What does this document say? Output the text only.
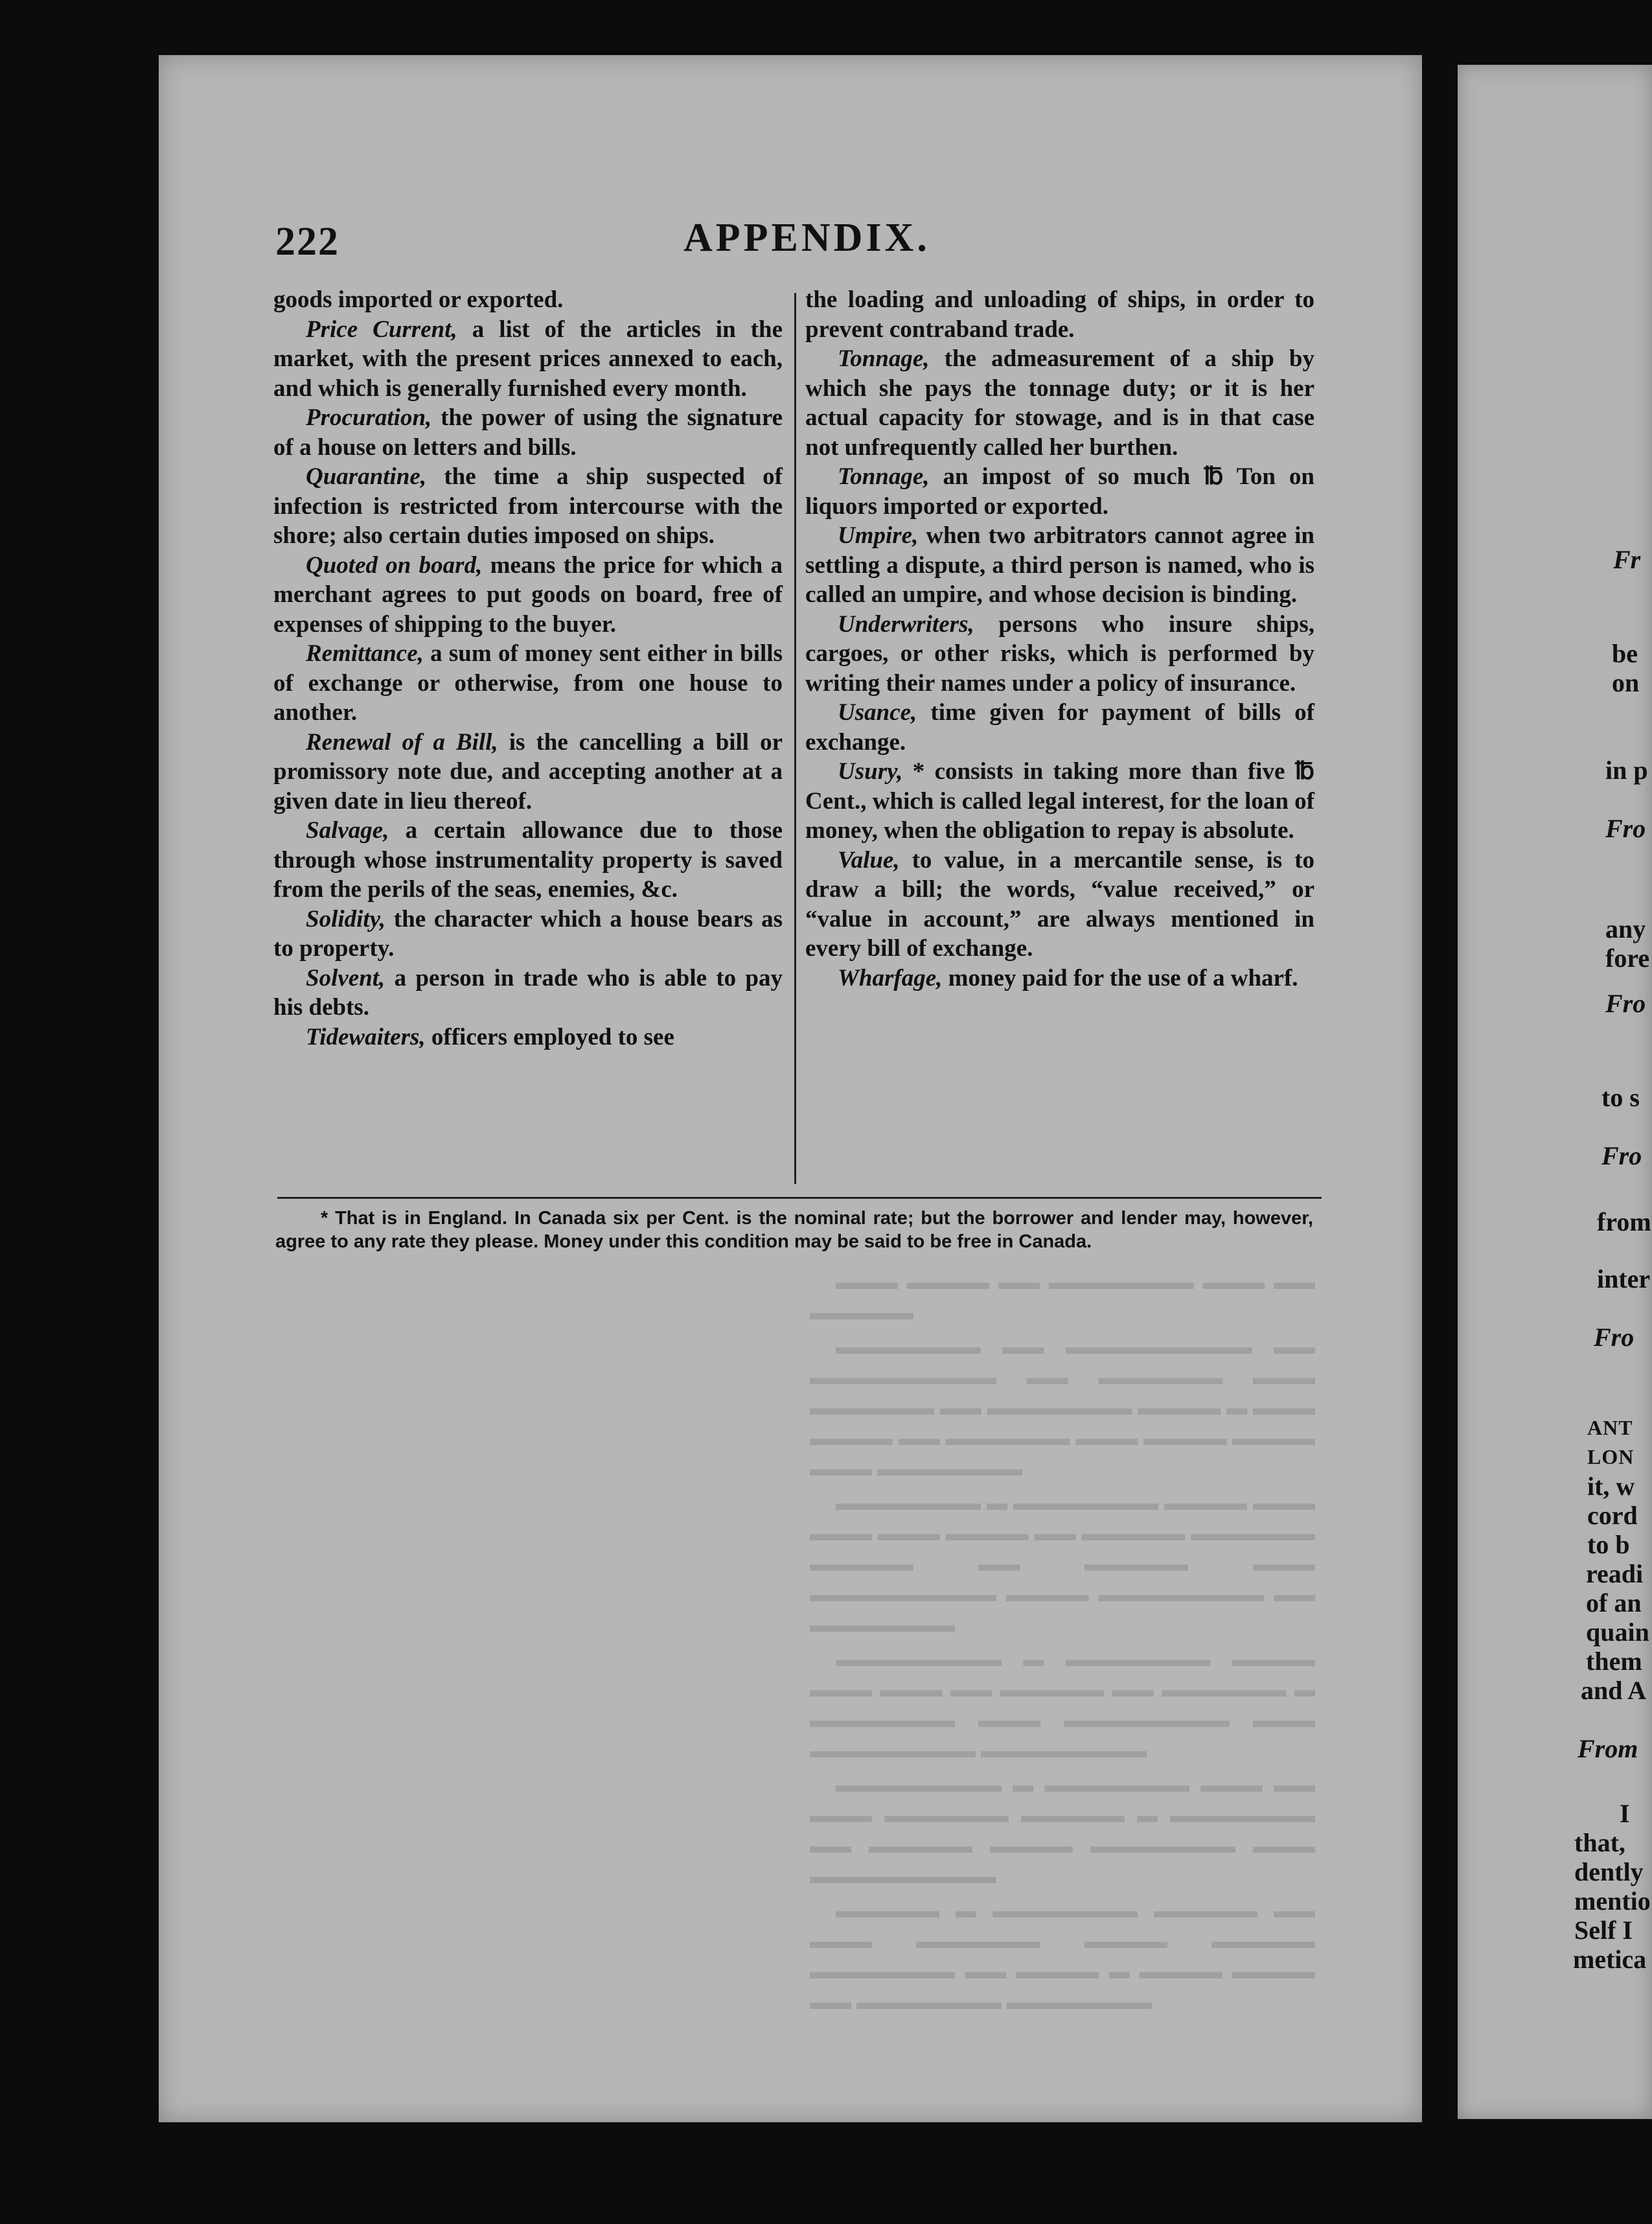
222	APPENDIX.

goods imported or exported.

Price Current, a list of the articles in the market, with the present prices annexed to each, and which is generally furnished every month.

Procuration, the power of using the signature of a house on letters and bills.

Quarantine, the time a ship suspected of infection is restricted from intercourse with the shore; also certain duties imposed on ships.

Quoted on board, means the price for which a merchant agrees to put goods on board, free of expenses of shipping to the buyer.

Remittance, a sum of money sent either in bills of exchange or otherwise, from one house to another.

Renewal of a Bill, is the cancelling a bill or promissory note due, and accepting another at a given date in lieu thereof.

Salvage, a certain allowance due to those through whose instrumentality property is saved from the perils of the seas, enemies, &c.

Solidity, the character which a house bears as to property.

Solvent, a person in trade who is able to pay his debts.

Tidewaiters, officers employed to see

the loading and unloading of ships, in order to prevent contraband trade.

Tonnage, the admeasurement of a ship by which she pays the tonnage duty; or it is her actual capacity for stowage, and is in that case not unfrequently called her burthen.

Tonnage, an impost of so much ℔ Ton on liquors imported or exported.

Umpire, when two arbitrators cannot agree in settling a dispute, a third person is named, who is called an umpire, and whose decision is binding.

Underwriters, persons who insure ships, cargoes, or other risks, which is performed by writing their names under a policy of insurance.

Usance, time given for payment of bills of exchange.

Usury, * consists in taking more than five ℔ Cent., which is called legal interest, for the loan of money, when the obligation to repay is absolute.

Value, to value, in a mercantile sense, is to draw a bill; the words, “value received,” or “value in account,” are always mentioned in every bill of exchange.

Wharfage, money paid for the use of a wharf.

* That is in England. In Canada six per Cent. is the nominal rate; but the borrower and lender may, however, agree to any rate they please. Money under this condition may be said to be free in Canada.

▬▬▬ ▬▬▬▬ ▬▬ ▬▬▬▬▬▬▬ ▬▬▬ ▬▬ ▬▬▬▬▬

▬▬▬▬▬▬▬ ▬▬ ▬▬▬▬▬▬▬▬▬ ▬▬ ▬▬▬▬▬▬▬▬▬ ▬▬ ▬▬▬▬▬▬ ▬▬▬ ▬▬▬▬▬▬ ▬▬ ▬▬▬▬▬▬▬ ▬▬▬▬ ▬ ▬▬▬ ▬▬▬▬ ▬▬ ▬▬▬▬▬▬ ▬▬▬ ▬▬▬▬ ▬▬▬▬ ▬▬▬ ▬▬▬▬▬▬▬

▬▬▬▬▬▬▬ ▬ ▬▬▬▬▬▬▬ ▬▬▬▬ ▬▬▬ ▬▬▬ ▬▬▬ ▬▬▬▬ ▬▬ ▬▬▬▬▬ ▬▬▬▬▬▬ ▬▬▬▬▬ ▬▬ ▬▬▬▬▬ ▬▬▬ ▬▬▬▬▬▬▬▬▬ ▬▬▬▬ ▬▬▬▬▬▬▬▬ ▬▬ ▬▬▬▬▬▬▬

▬▬▬▬▬▬▬▬ ▬ ▬▬▬▬▬▬▬ ▬▬▬▬ ▬▬▬ ▬▬▬ ▬▬ ▬▬▬▬▬ ▬▬ ▬▬▬▬▬▬ ▬ ▬▬▬▬▬▬▬ ▬▬▬ ▬▬▬▬▬▬▬▬ ▬▬▬ ▬▬▬▬▬▬▬▬ ▬▬▬▬▬▬▬▬

▬▬▬▬▬▬▬▬ ▬ ▬▬▬▬▬▬▬ ▬▬▬ ▬▬ ▬▬▬ ▬▬▬▬▬▬ ▬▬▬▬▬ ▬ ▬▬▬▬▬▬▬ ▬▬ ▬▬▬▬▬ ▬▬▬▬ ▬▬▬▬▬▬▬ ▬▬▬ ▬▬▬▬▬▬▬▬▬

▬▬▬▬▬ ▬ ▬▬▬▬▬▬▬ ▬▬▬▬▬ ▬▬ ▬▬▬ ▬▬▬▬▬▬ ▬▬▬▬ ▬▬▬▬▬ ▬▬▬▬▬▬▬ ▬▬ ▬▬▬▬ ▬ ▬▬▬▬ ▬▬▬▬ ▬▬ ▬▬▬▬▬▬▬ ▬▬▬▬▬▬▬

Fr
be
on
in p
Fro
any
fore
Fro
to s
Fro
from
inter
Fro
ANT
LON
it, w
cord
to b
readi
of an
quain
them
and A
From
I
that,
dently
mentio
Self I
metica
